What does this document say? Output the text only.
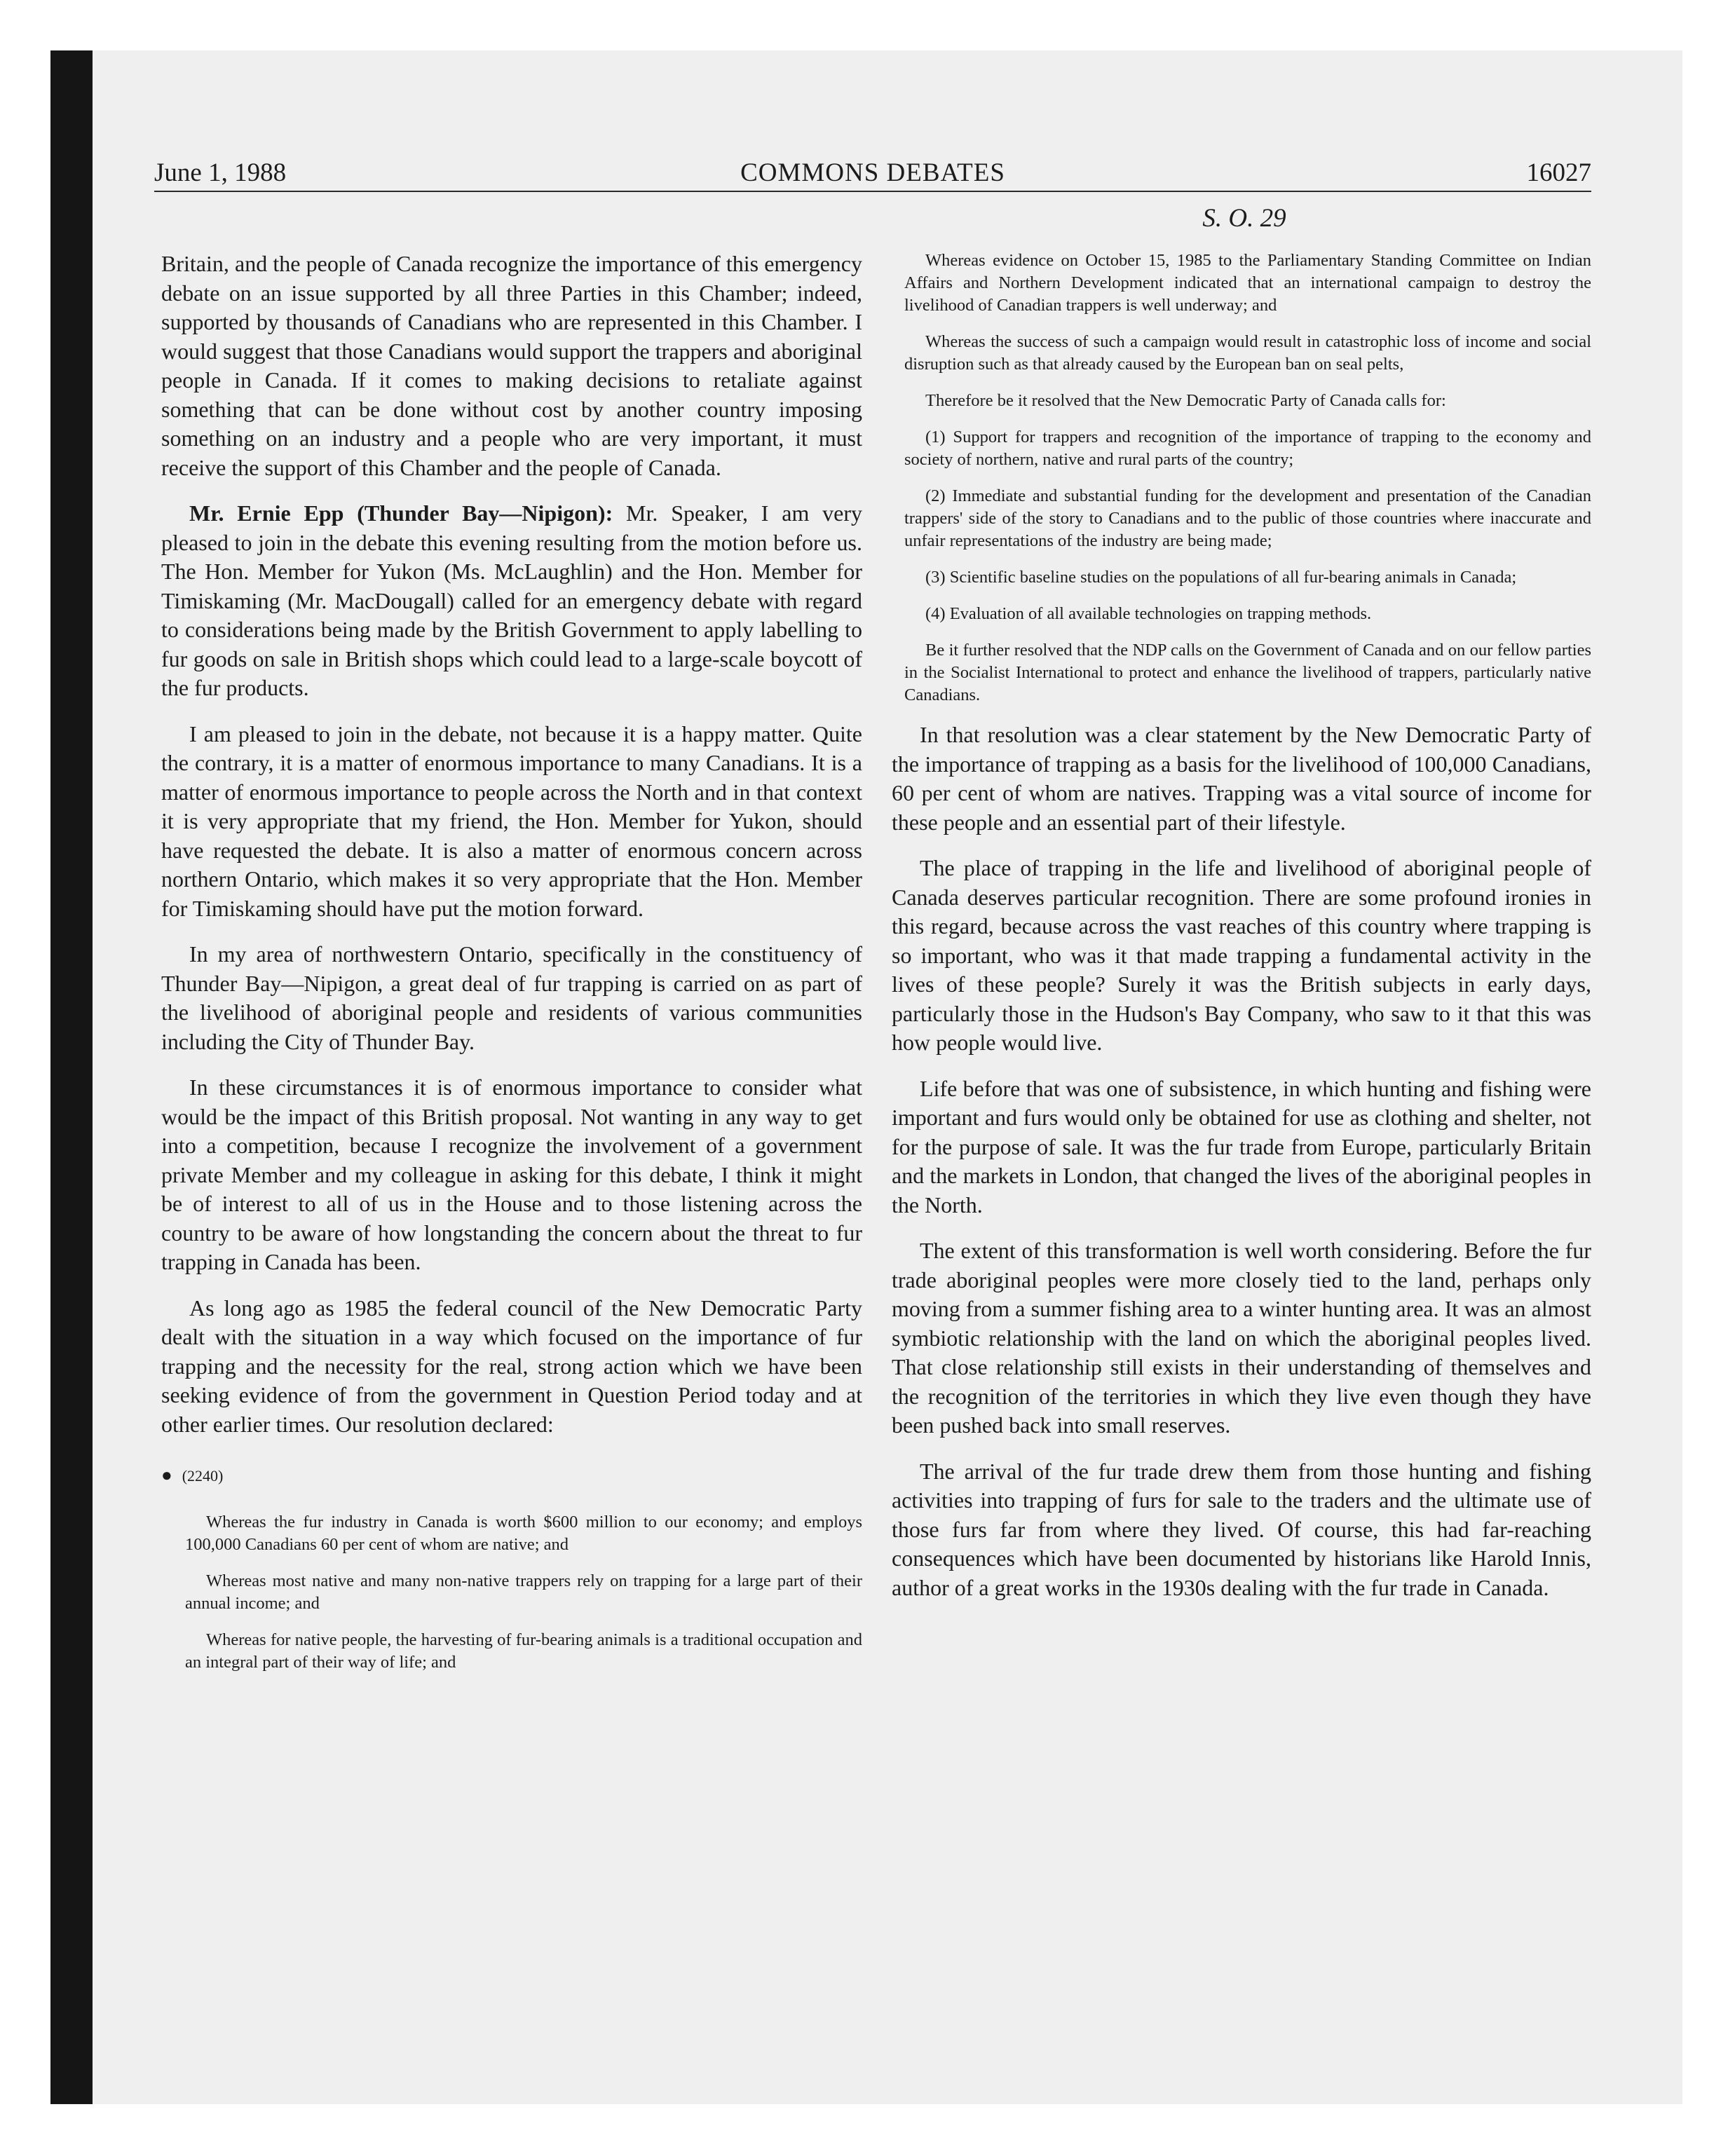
June 1, 1988	COMMONS DEBATES	16027
S. O. 29

Britain, and the people of Canada recognize the importance of this emergency debate on an issue supported by all three Parties in this Chamber; indeed, supported by thousands of Canadians who are represented in this Chamber. I would suggest that those Canadians would support the trappers and aboriginal people in Canada. If it comes to making decisions to retaliate against something that can be done without cost by another country imposing something on an industry and a people who are very important, it must receive the support of this Chamber and the people of Canada.

Mr. Ernie Epp (Thunder Bay—Nipigon): Mr. Speaker, I am very pleased to join in the debate this evening resulting from the motion before us. The Hon. Member for Yukon (Ms. McLaughlin) and the Hon. Member for Timiskaming (Mr. MacDougall) called for an emergency debate with regard to considerations being made by the British Government to apply labelling to fur goods on sale in British shops which could lead to a large-scale boycott of the fur products.

I am pleased to join in the debate, not because it is a happy matter. Quite the contrary, it is a matter of enormous importance to many Canadians. It is a matter of enormous importance to people across the North and in that context it is very appropriate that my friend, the Hon. Member for Yukon, should have requested the debate. It is also a matter of enormous concern across northern Ontario, which makes it so very appropriate that the Hon. Member for Timiskaming should have put the motion forward.

In my area of northwestern Ontario, specifically in the constituency of Thunder Bay—Nipigon, a great deal of fur trapping is carried on as part of the livelihood of aboriginal people and residents of various communities including the City of Thunder Bay.

In these circumstances it is of enormous importance to consider what would be the impact of this British proposal. Not wanting in any way to get into a competition, because I recognize the involvement of a government private Member and my colleague in asking for this debate, I think it might be of interest to all of us in the House and to those listening across the country to be aware of how longstanding the concern about the threat to fur trapping in Canada has been.

As long ago as 1985 the federal council of the New Democratic Party dealt with the situation in a way which focused on the importance of fur trapping and the necessity for the real, strong action which we have been seeking evidence of from the government in Question Period today and at other earlier times. Our resolution declared:

● (2240)

Whereas the fur industry in Canada is worth $600 million to our economy; and employs 100,000 Canadians 60 per cent of whom are native; and

Whereas most native and many non-native trappers rely on trapping for a large part of their annual income; and

Whereas for native people, the harvesting of fur-bearing animals is a traditional occupation and an integral part of their way of life; and

Whereas evidence on October 15, 1985 to the Parliamentary Standing Committee on Indian Affairs and Northern Development indicated that an international campaign to destroy the livelihood of Canadian trappers is well underway; and

Whereas the success of such a campaign would result in catastrophic loss of income and social disruption such as that already caused by the European ban on seal pelts,

Therefore be it resolved that the New Democratic Party of Canada calls for:

(1) Support for trappers and recognition of the importance of trapping to the economy and society of northern, native and rural parts of the country;

(2) Immediate and substantial funding for the development and presentation of the Canadian trappers' side of the story to Canadians and to the public of those countries where inaccurate and unfair representations of the industry are being made;

(3) Scientific baseline studies on the populations of all fur-bearing animals in Canada;

(4) Evaluation of all available technologies on trapping methods.

Be it further resolved that the NDP calls on the Government of Canada and on our fellow parties in the Socialist International to protect and enhance the livelihood of trappers, particularly native Canadians.

In that resolution was a clear statement by the New Democratic Party of the importance of trapping as a basis for the livelihood of 100,000 Canadians, 60 per cent of whom are natives. Trapping was a vital source of income for these people and an essential part of their lifestyle.

The place of trapping in the life and livelihood of aboriginal people of Canada deserves particular recognition. There are some profound ironies in this regard, because across the vast reaches of this country where trapping is so important, who was it that made trapping a fundamental activity in the lives of these people? Surely it was the British subjects in early days, particularly those in the Hudson's Bay Company, who saw to it that this was how people would live.

Life before that was one of subsistence, in which hunting and fishing were important and furs would only be obtained for use as clothing and shelter, not for the purpose of sale. It was the fur trade from Europe, particularly Britain and the markets in London, that changed the lives of the aboriginal peoples in the North.

The extent of this transformation is well worth considering. Before the fur trade aboriginal peoples were more closely tied to the land, perhaps only moving from a summer fishing area to a winter hunting area. It was an almost symbiotic relationship with the land on which the aboriginal peoples lived. That close relationship still exists in their understanding of themselves and the recognition of the territories in which they live even though they have been pushed back into small reserves.

The arrival of the fur trade drew them from those hunting and fishing activities into trapping of furs for sale to the traders and the ultimate use of those furs far from where they lived. Of course, this had far-reaching consequences which have been documented by historians like Harold Innis, author of a great works in the 1930s dealing with the fur trade in Canada.
